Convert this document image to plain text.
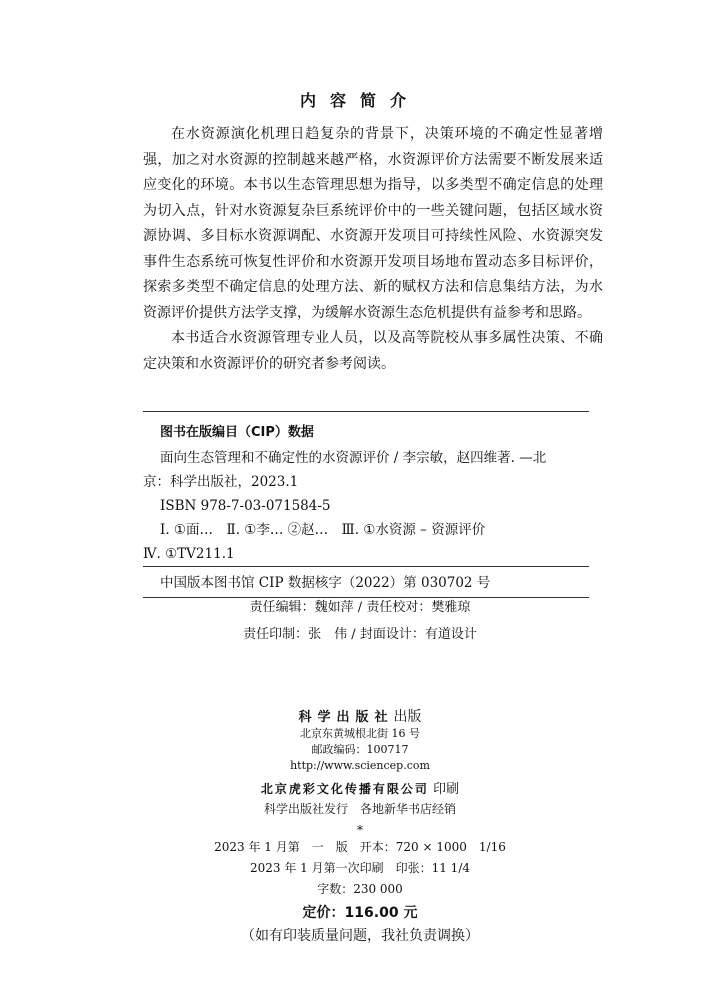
内容简介

在水资源演化机理日趋复杂的背景下，决策环境的不确定性显著增强，加之对水资源的控制越来越严格，水资源评价方法需要不断发展来适应变化的环境。本书以生态管理思想为指导，以多类型不确定信息的处理为切入点，针对水资源复杂巨系统评价中的一些关键问题，包括区域水资源协调、多目标水资源调配、水资源开发项目可持续性风险、水资源突发事件生态系统可恢复性评价和水资源开发项目场地布置动态多目标评价，探索多类型不确定信息的处理方法、新的赋权方法和信息集结方法，为水资源评价提供方法学支撑，为缓解水资源生态危机提供有益参考和思路。

本书适合水资源管理专业人员，以及高等院校从事多属性决策、不确定决策和水资源评价的研究者参考阅读。

图书在版编目（CIP）数据
面向生态管理和不确定性的水资源评价 / 李宗敏，赵四维著. —北
京：科学出版社，2023.1
ISBN 978-7-03-071584-5
Ⅰ. ①面…　Ⅱ. ①李… ②赵…　Ⅲ. ①水资源 – 资源评价
Ⅳ. ①TV211.1
中国版本图书馆 CIP 数据核字（2022）第 030702 号
责任编辑：魏如萍 / 责任校对：樊雅琼
责任印制：张　伟 / 封面设计：有道设计
科学出版社出版
北京东黄城根北街 16 号
邮政编码：100717
http://www.sciencep.com
北京虎彩文化传播有限公司 印刷
科学出版社发行　各地新华书店经销
*
2023 年 1 月第　一　版　开本：720 × 1000　1/16
2023 年 1 月第一次印刷　印张：11 1/4
字数：230 000
定价：116.00 元
（如有印装质量问题，我社负责调换）
